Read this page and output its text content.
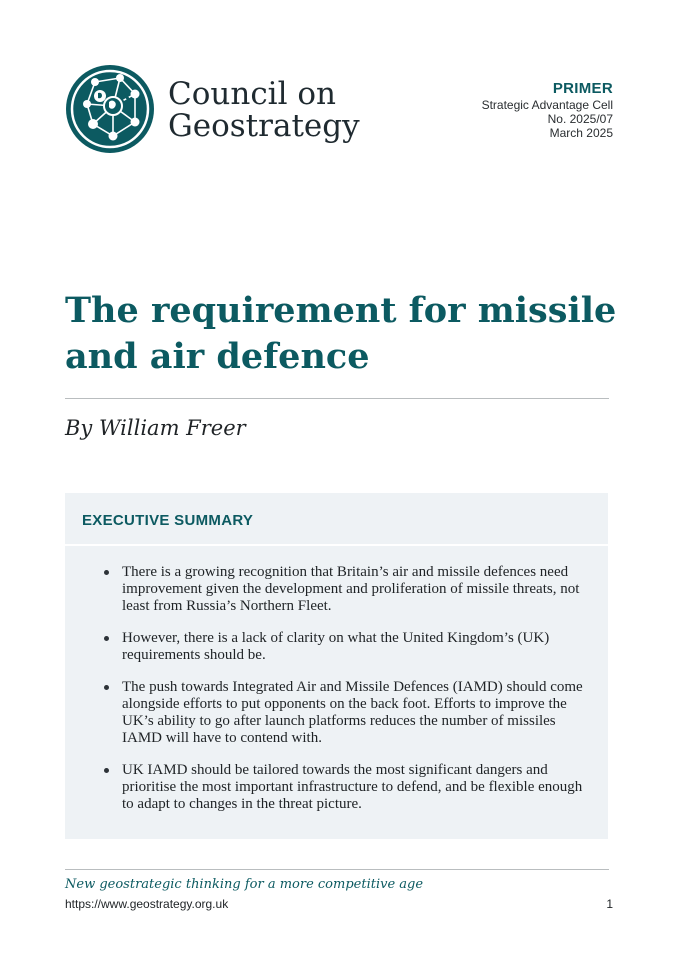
Council on
Geostrategy
PRIMER
Strategic Advantage Cell
No. 2025/07
March 2025
The requirement for missile and air defence
By William Freer
EXECUTIVE SUMMARY
There is a growing recognition that Britain’s air and missile defences need improvement given the development and proliferation of missile threats, not least from Russia’s Northern Fleet.
However, there is a lack of clarity on what the United Kingdom’s (UK) requirements should be.
The push towards Integrated Air and Missile Defences (IAMD) should come alongside efforts to put opponents on the back foot. Efforts to improve the UK’s ability to go after launch platforms reduces the number of missiles IAMD will have to contend with.
UK IAMD should be tailored towards the most significant dangers and prioritise the most important infrastructure to defend, and be flexible enough to adapt to changes in the threat picture.
New geostrategic thinking for a more competitive age
https://www.geostrategy.org.uk	1
